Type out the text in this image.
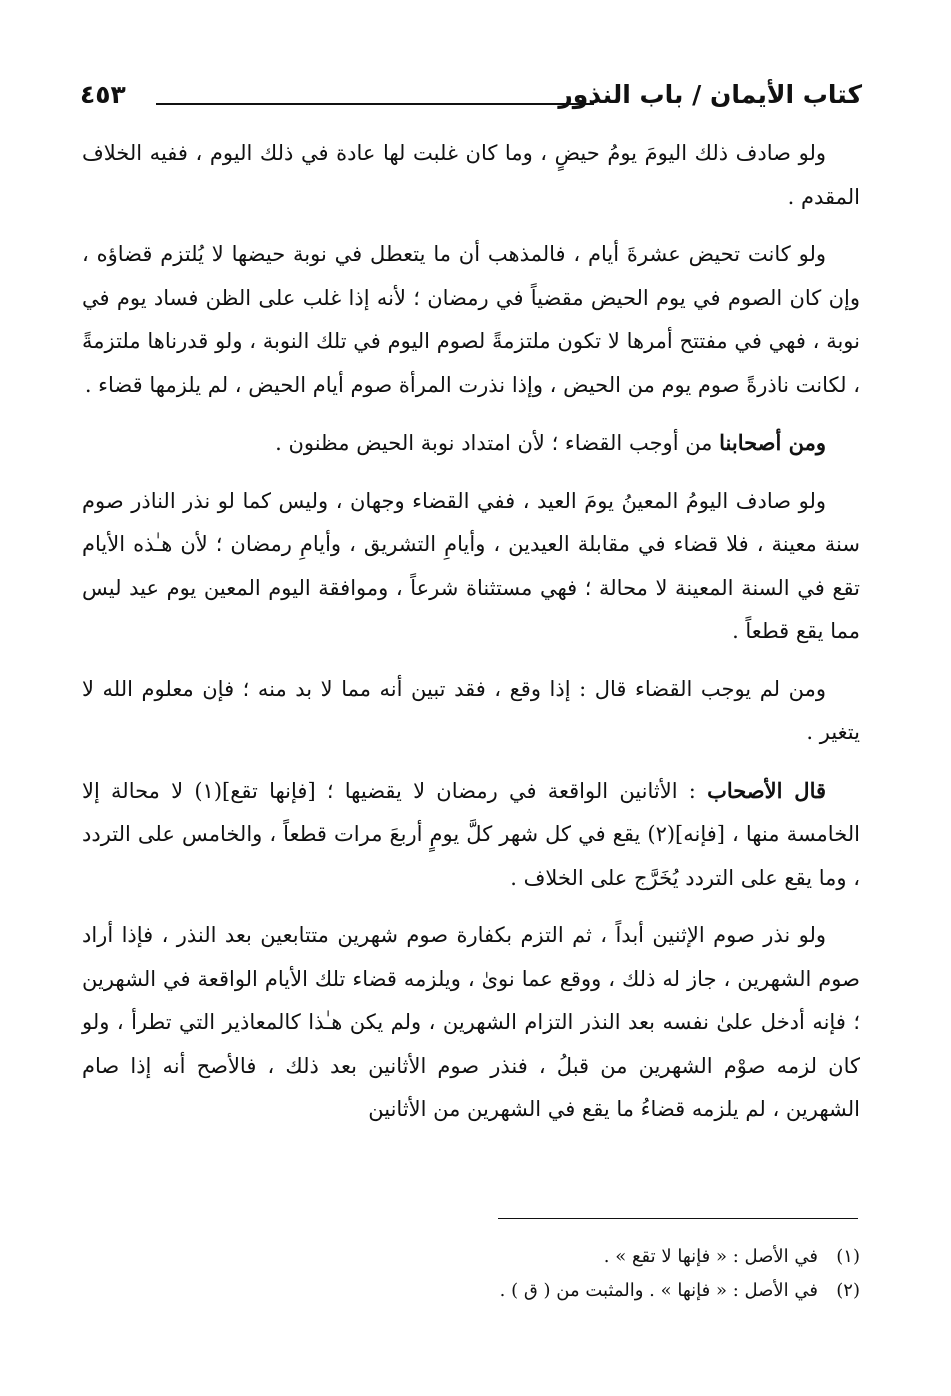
كتاب الأيمان / باب النذور
٤٥٣

ولو صادف ذلك اليومَ يومُ حيضٍ ، وما كان غلبت لها عادة في ذلك اليوم ، ففيه الخلاف المقدم .

ولو كانت تحيض عشرةَ أيام ، فالمذهب أن ما يتعطل في نوبة حيضها لا يُلتزم قضاؤه ، وإن كان الصوم في يوم الحيض مقضياً في رمضان ؛ لأنه إذا غلب على الظن فساد يوم في نوبة ، فهي في مفتتح أمرها لا تكون ملتزمةً لصوم اليوم في تلك النوبة ، ولو قدرناها ملتزمةً ، لكانت ناذرةً صوم يوم من الحيض ، وإذا نذرت المرأة صوم أيام الحيض ، لم يلزمها قضاء .

ومن أصحابنا من أوجب القضاء ؛ لأن امتداد نوبة الحيض مظنون .

ولو صادف اليومُ المعينُ يومَ العيد ، ففي القضاء وجهان ، وليس كما لو نذر الناذر صوم سنة معينة ، فلا قضاء في مقابلة العيدين ، وأيامِ التشريق ، وأيامِ رمضان ؛ لأن هـٰذه الأيام تقع في السنة المعينة لا محالة ؛ فهي مستثناة شرعاً ، وموافقة اليوم المعين يوم عيد ليس مما يقع قطعاً .

ومن لم يوجب القضاء قال : إذا وقع ، فقد تبين أنه مما لا بد منه ؛ فإن معلوم الله لا يتغير .

قال الأصحاب : الأثانين الواقعة في رمضان لا يقضيها ؛ [فإنها تقع](١) لا محالة إلا الخامسة منها ، [فإنه](٢) يقع في كل شهر كلَّ يومٍ أربعَ مرات قطعاً ، والخامس على التردد ، وما يقع على التردد يُخَرَّج على الخلاف .

ولو نذر صوم الإثنين أبداً ، ثم التزم بكفارة صوم شهرين متتابعين بعد النذر ، فإذا أراد صوم الشهرين ، جاز له ذلك ، ووقع عما نوىٰ ، ويلزمه قضاء تلك الأيام الواقعة في الشهرين ؛ فإنه أدخل علىٰ نفسه بعد النذر التزام الشهرين ، ولم يكن هـٰذا كالمعاذير التي تطرأ ، ولو كان لزمه صوْم الشهرين من قبلُ ، فنذر صوم الأثانين بعد ذلك ، فالأصح أنه إذا صام الشهرين ، لم يلزمه قضاءُ ما يقع في الشهرين من الأثانين

(١)
في الأصل : « فإنها لا تقع » .
(٢)
في الأصل : « فإنها » . والمثبت من ( ق ) .
